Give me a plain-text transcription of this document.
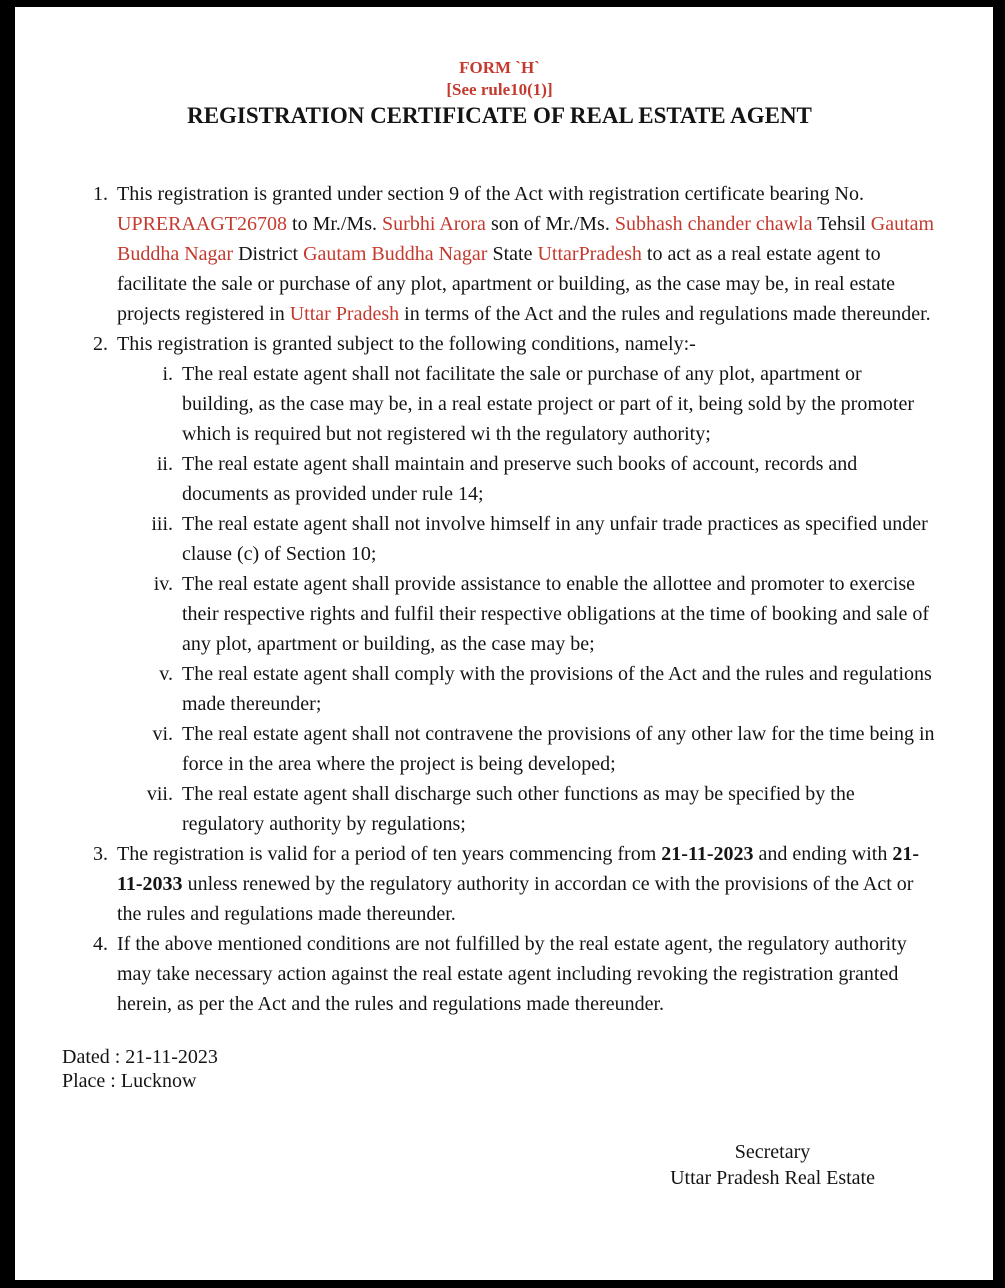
FORM `H`
[See rule10(1)]
REGISTRATION CERTIFICATE OF REAL ESTATE AGENT
1. This registration is granted under section 9 of the Act with registration certificate bearing No. UPRERAAGT26708 to Mr./Ms. Surbhi Arora son of Mr./Ms. Subhash chander chawla Tehsil Gautam Buddha Nagar District Gautam Buddha Nagar State UttarPradesh to act as a real estate agent to facilitate the sale or purchase of any plot, apartment or building, as the case may be, in real estate projects registered in Uttar Pradesh in terms of the Act and the rules and regulations made thereunder.
2. This registration is granted subject to the following conditions, namely:-
i. The real estate agent shall not facilitate the sale or purchase of any plot, apartment or building, as the case may be, in a real estate project or part of it, being sold by the promoter which is required but not registered wi th the regulatory authority;
ii. The real estate agent shall maintain and preserve such books of account, records and documents as provided under rule 14;
iii. The real estate agent shall not involve himself in any unfair trade practices as specified under clause (c) of Section 10;
iv. The real estate agent shall provide assistance to enable the allottee and promoter to exercise their respective rights and fulfil their respective obligations at the time of booking and sale of any plot, apartment or building, as the case may be;
v. The real estate agent shall comply with the provisions of the Act and the rules and regulations made thereunder;
vi. The real estate agent shall not contravene the provisions of any other law for the time being in force in the area where the project is being developed;
vii. The real estate agent shall discharge such other functions as may be specified by the regulatory authority by regulations;
3. The registration is valid for a period of ten years commencing from 21-11-2023 and ending with 21-11-2033 unless renewed by the regulatory authority in accordan ce with the provisions of the Act or the rules and regulations made thereunder.
4. If the above mentioned conditions are not fulfilled by the real estate agent, the regulatory authority may take necessary action against the real estate agent including revoking the registration granted herein, as per the Act and the rules and regulations made thereunder.
Dated : 21-11-2023
Place : Lucknow
Secretary
Uttar Pradesh Real Estate
